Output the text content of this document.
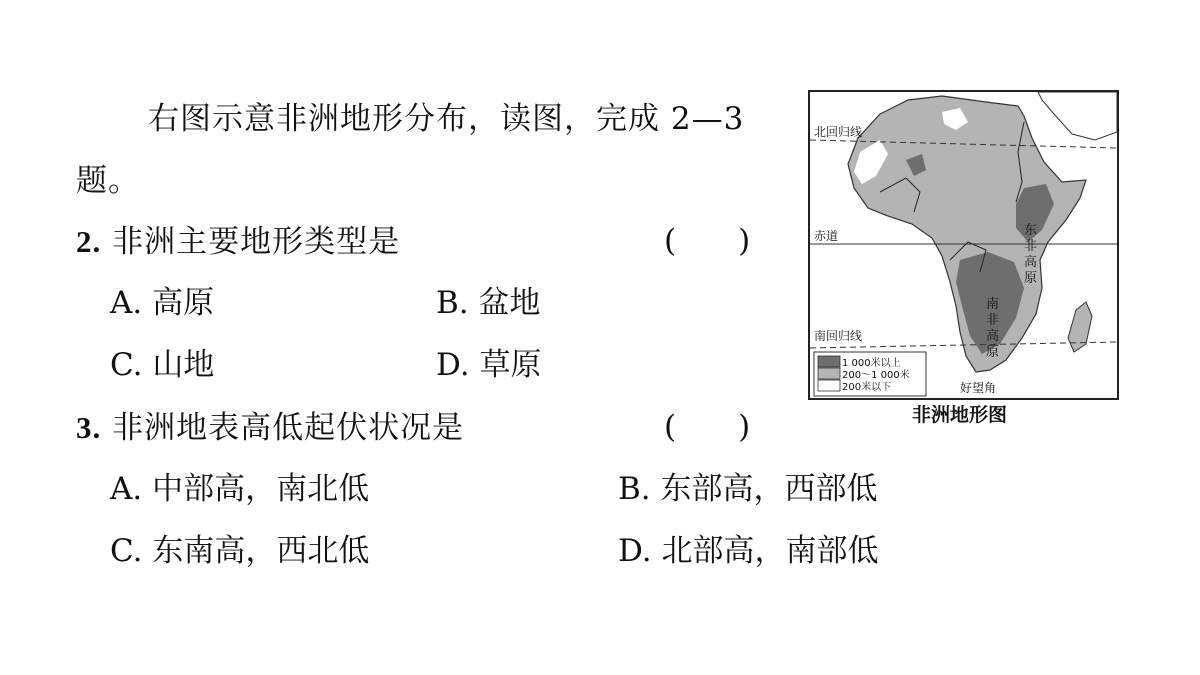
右图示意非洲地形分布，读图，完成 2—3
题。
2. 非洲主要地形类型是	(　　)
A. 高原	B. 盆地
C. 山地	D. 草原
3. 非洲地表高低起伏状况是	(　　)
A. 中部高，南北低	B. 东部高，西部低
C. 东南高，西北低	D. 北部高，南部低
北回归线
赤道
南回归线
东
非
高
原
南
非
高
原
好望角
1 000米以上
200～1 000米
200米以下
非洲地形图
